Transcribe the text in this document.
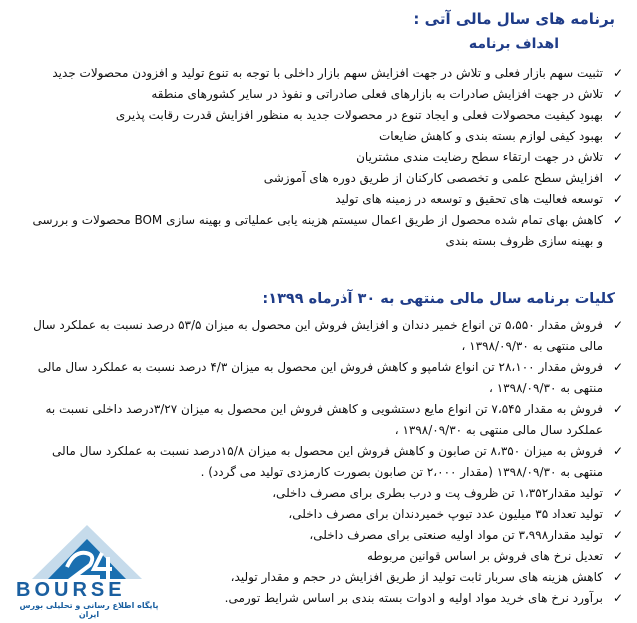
برنامه های سال مالی آتی :
اهداف برنامه
✓
تثبیت سهم بازار فعلی و تلاش در جهت افزایش سهم بازار داخلی با توجه به تنوع تولید و افزودن محصولات جدید
✓
تلاش در جهت افزایش صادرات به بازارهای فعلی صادراتی و نفوذ در سایر کشورهای منطقه
✓
بهبود کیفیت محصولات فعلی و ایجاد تنوع در محصولات جدید به منظور افزایش قدرت رقابت پذیری
✓
بهبود کیفی لوازم بسته بندی و کاهش ضایعات
✓
تلاش در جهت ارتقاء سطح رضایت مندی مشتریان
✓
افزایش سطح علمی و تخصصی کارکنان از طریق دوره های آموزشی
✓
توسعه فعالیت های تحقیق و توسعه در زمینه های تولید
✓
کاهش بهای تمام شده محصول از طریق اعمال سیستم هزینه یابی عملیاتی و بهینه سازی BOM محصولات و بررسی و بهینه سازی ظروف بسته بندی
کلیات برنامه سال مالی منتهی به ۳۰ آذرماه ۱۳۹۹:
✓
فروش مقدار ۵،۵۵۰ تن انواع خمیر دندان و افزایش فروش این محصول به میزان ۵۳/۵ درصد نسبت به عملکرد سال مالی منتهی به ۱۳۹۸/۰۹/۳۰ ،
✓
فروش مقدار ۲۸،۱۰۰ تن انواع شامپو و کاهش فروش این محصول به میزان ۴/۳ درصد نسبت به عملکرد سال مالی منتهی به ۱۳۹۸/۰۹/۳۰ ،
✓
فروش به مقدار ۷،۵۴۵ تن انواع مایع دستشویی و کاهش فروش این محصول به میزان ۳/۲۷درصد داخلی نسبت به عملکرد سال مالی منتهی به ۱۳۹۸/۰۹/۳۰ ،
✓
فروش به میزان ۸،۳۵۰ تن صابون و کاهش فروش این محصول به میزان ۱۵/۸درصد نسبت به عملکرد سال مالی منتهی به ۱۳۹۸/۰۹/۳۰ (مقدار ۲،۰۰۰ تن صابون بصورت کارمزدی تولید می گردد) .
✓
تولید مقدار۱،۳۵۲ تن ظروف پت و درب بطری برای مصرف داخلی،
✓
تولید تعداد ۳۵ میلیون عدد تیوپ خمیردندان برای مصرف داخلی،
✓
تولید مقدار۳،۹۹۸ تن مواد اولیه صنعتی برای مصرف داخلی،
✓
تعدیل نرخ های فروش بر اساس قوانین مربوطه
✓
کاهش هزینه های سربار ثابت تولید از طریق افزایش در حجم و مقدار تولید،
✓
برآورد نرخ های خرید مواد اولیه و ادوات بسته بندی بر اساس شرایط تورمی.
BOURSE
پایگاه اطلاع رسانی و تحلیلی بورس ایران
